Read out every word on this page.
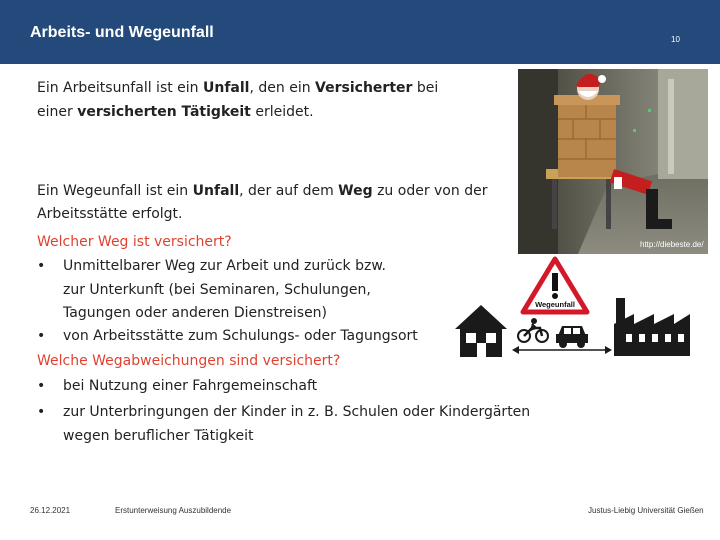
Arbeits- und Wegeunfall	10
Ein Arbeitsunfall ist ein Unfall, den ein Versicherter bei
einer versicherten Tätigkeit erleidet.
Ein Wegeunfall ist ein Unfall, der auf dem Weg zu oder von der
Arbeitsstätte erfolgt.
Welcher Weg ist versichert?
• Unmittelbarer Weg zur Arbeit und zurück bzw.
zur Unterkunft (bei Seminaren, Schulungen,
Tagungen oder anderen Dienstreisen)
• von Arbeitsstätte zum Schulungs- oder Tagungsort
Welche Wegabweichungen sind versichert?
• bei Nutzung einer Fahrgemeinschaft
• zur Unterbringungen der Kinder in z. B. Schulen oder Kindergärten
wegen beruflicher Tätigkeit
http://diebeste.de/
Wegeunfall
26.12.2021	Erstunterweisung Auszubildende	Justus-Liebig Universität Gießen
